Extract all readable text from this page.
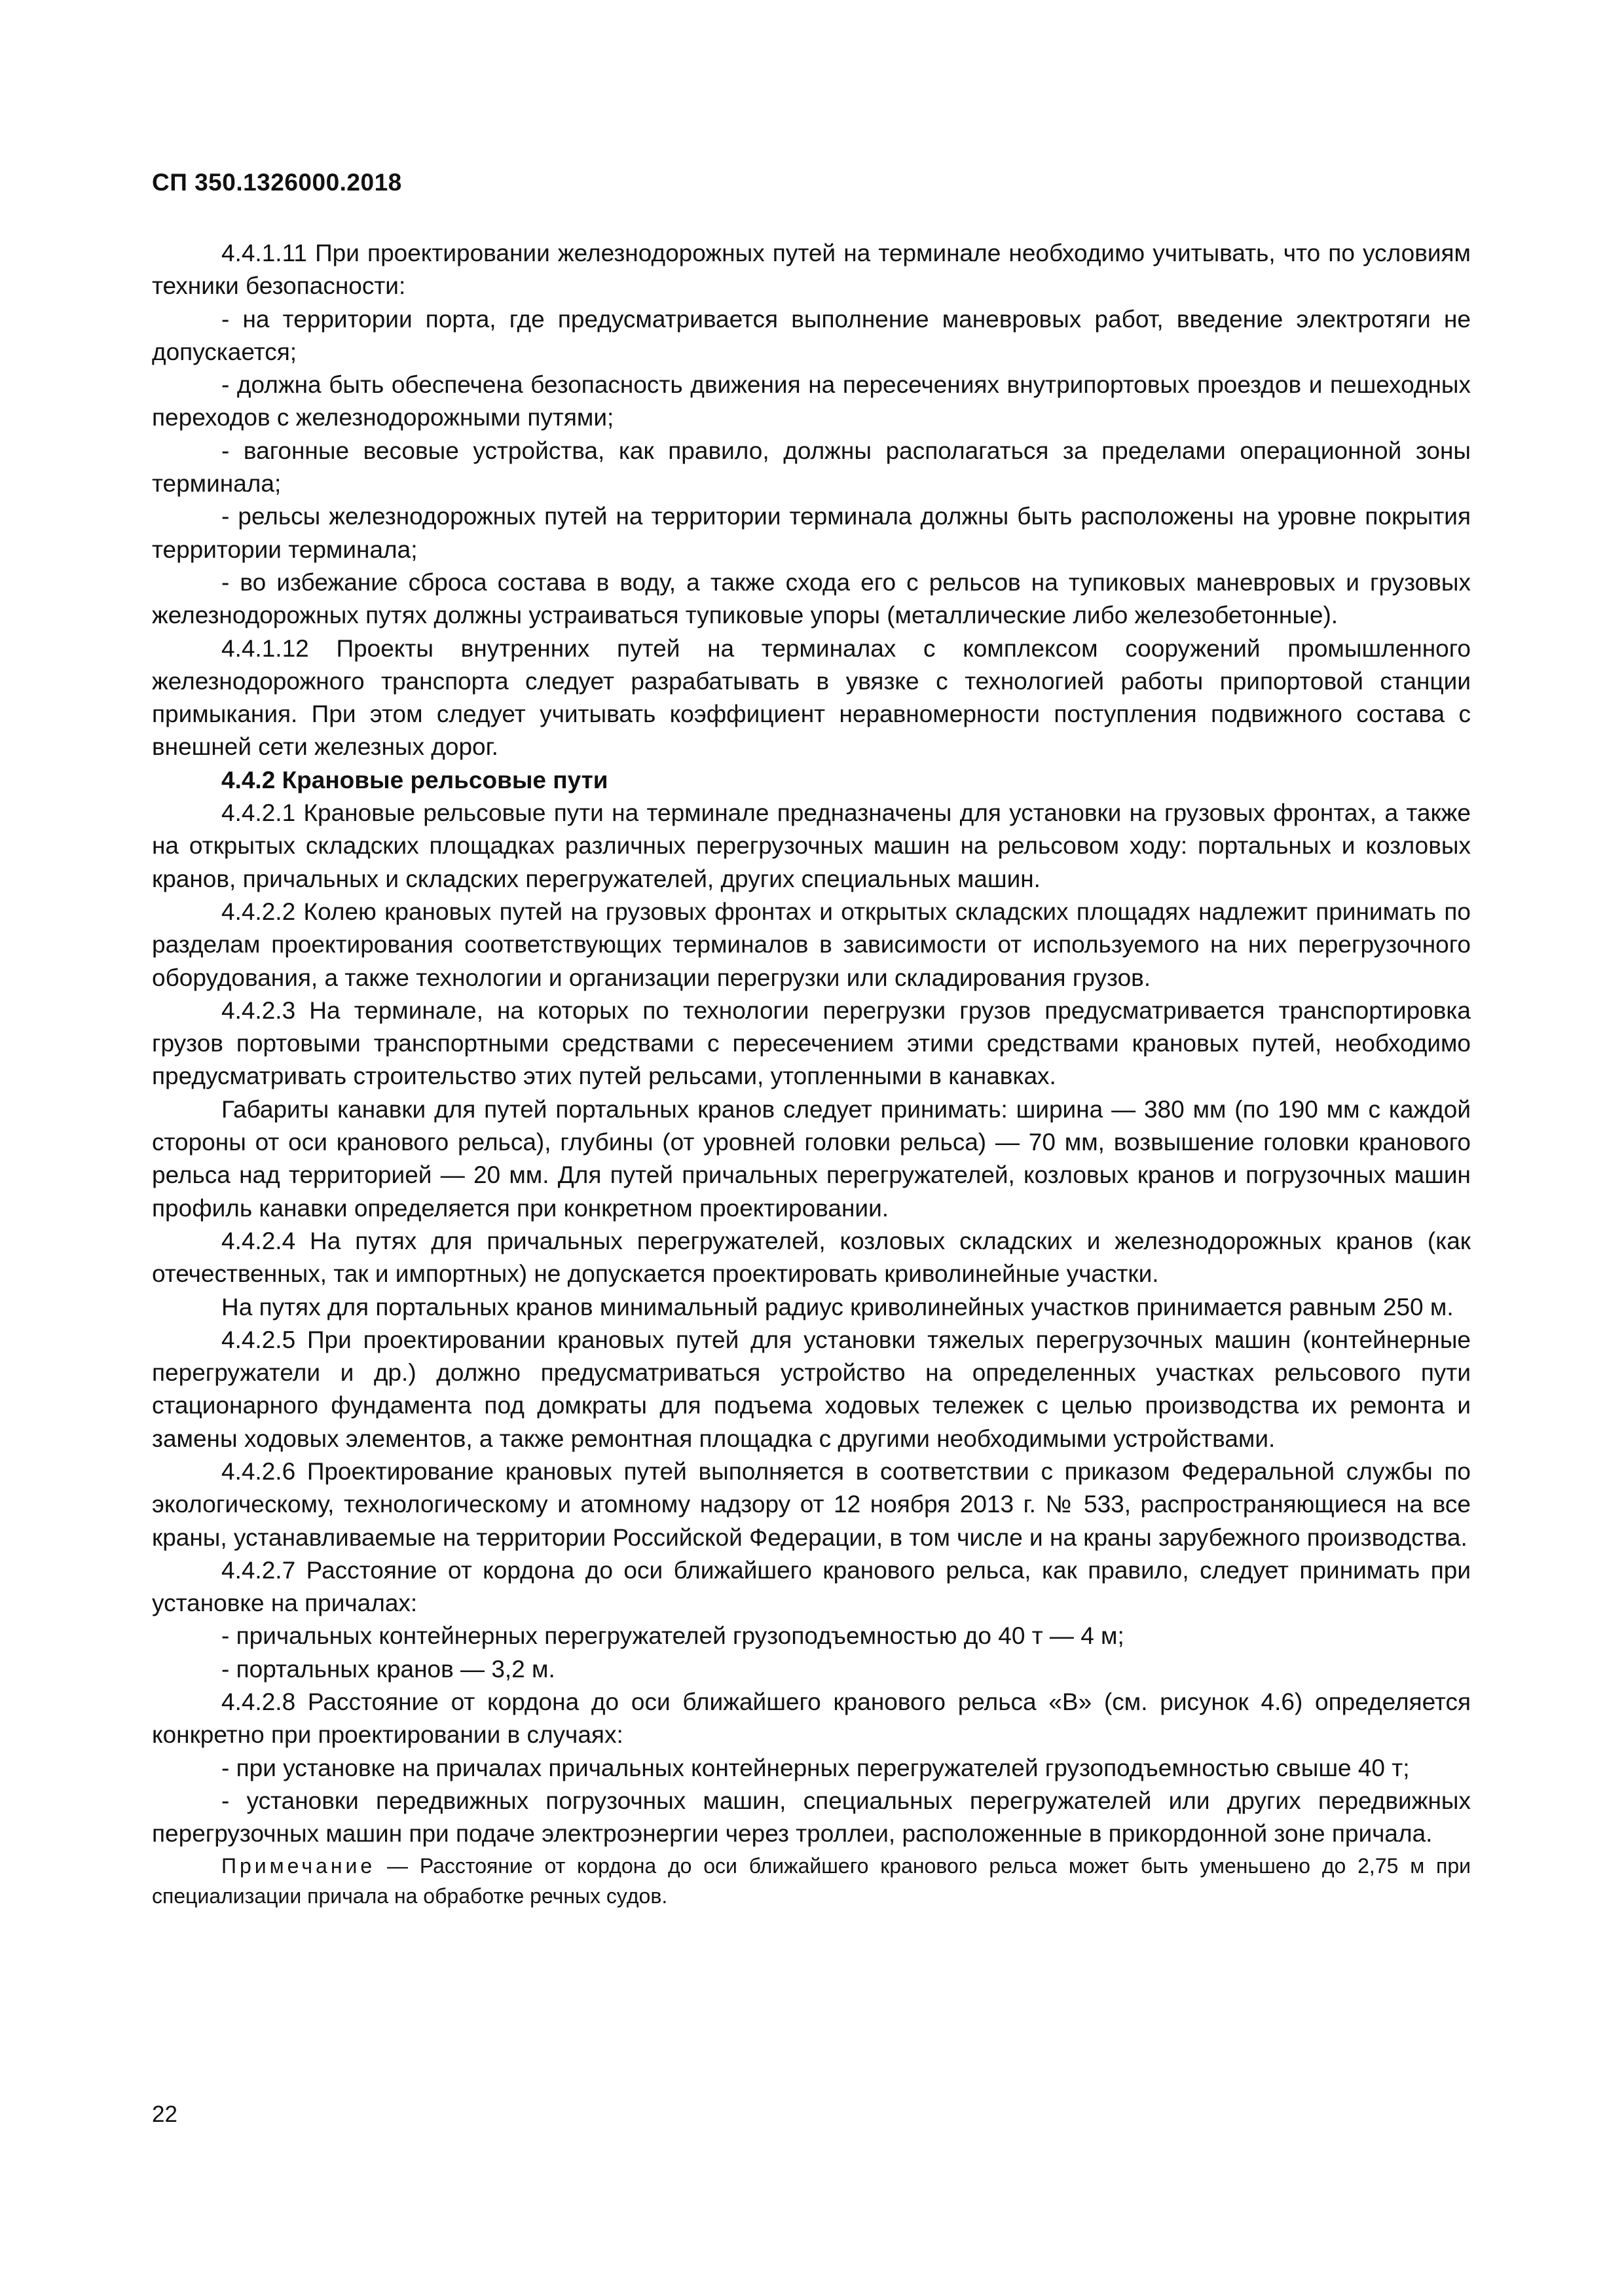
СП 350.1326000.2018

4.4.1.11 При проектировании железнодорожных путей на терминале необходимо учитывать, что по условиям техники безопасности:

- на территории порта, где предусматривается выполнение маневровых работ, введение электротяги не допускается;

- должна быть обеспечена безопасность движения на пересечениях внутрипортовых проездов и пешеходных переходов с железнодорожными путями;

- вагонные весовые устройства, как правило, должны располагаться за пределами операционной зоны терминала;

- рельсы железнодорожных путей на территории терминала должны быть расположены на уровне покрытия территории терминала;

- во избежание сброса состава в воду, а также схода его с рельсов на тупиковых маневровых и грузовых железнодорожных путях должны устраиваться тупиковые упоры (металлические либо железобетонные).

4.4.1.12 Проекты внутренних путей на терминалах с комплексом сооружений промышленного железнодорожного транспорта следует разрабатывать в увязке с технологией работы припортовой станции примыкания. При этом следует учитывать коэффициент неравномерности поступления подвижного состава с внешней сети железных дорог.

4.4.2 Крановые рельсовые пути

4.4.2.1 Крановые рельсовые пути на терминале предназначены для установки на грузовых фронтах, а также на открытых складских площадках различных перегрузочных машин на рельсовом ходу: портальных и козловых кранов, причальных и складских перегружателей, других специальных машин.

4.4.2.2 Колею крановых путей на грузовых фронтах и открытых складских площадях надлежит принимать по разделам проектирования соответствующих терминалов в зависимости от используемого на них перегрузочного оборудования, а также технологии и организации перегрузки или складирования грузов.

4.4.2.3 На терминале, на которых по технологии перегрузки грузов предусматривается транспортировка грузов портовыми транспортными средствами с пересечением этими средствами крановых путей, необходимо предусматривать строительство этих путей рельсами, утопленными в канавках.

Габариты канавки для путей портальных кранов следует принимать: ширина — 380 мм (по 190 мм с каждой стороны от оси кранового рельса), глубины (от уровней головки рельса) — 70 мм, возвышение головки кранового рельса над территорией — 20 мм. Для путей причальных перегружателей, козловых кранов и погрузочных машин профиль канавки определяется при конкретном проектировании.

4.4.2.4 На путях для причальных перегружателей, козловых складских и железнодорожных кранов (как отечественных, так и импортных) не допускается проектировать криволинейные участки.

На путях для портальных кранов минимальный радиус криволинейных участков принимается равным 250 м.

4.4.2.5 При проектировании крановых путей для установки тяжелых перегрузочных машин (контейнерные перегружатели и др.) должно предусматриваться устройство на определенных участках рельсового пути стационарного фундамента под домкраты для подъема ходовых тележек с целью производства их ремонта и замены ходовых элементов, а также ремонтная площадка с другими необходимыми устройствами.

4.4.2.6 Проектирование крановых путей выполняется в соответствии с приказом Федеральной службы по экологическому, технологическому и атомному надзору от 12 ноября 2013 г. № 533, распространяющиеся на все краны, устанавливаемые на территории Российской Федерации, в том числе и на краны зарубежного производства.

4.4.2.7 Расстояние от кордона до оси ближайшего кранового рельса, как правило, следует принимать при установке на причалах:

- причальных контейнерных перегружателей грузоподъемностью до 40 т — 4 м;

- портальных кранов — 3,2 м.

4.4.2.8 Расстояние от кордона до оси ближайшего кранового рельса «В» (см. рисунок 4.6) определяется конкретно при проектировании в случаях:

- при установке на причалах причальных контейнерных перегружателей грузоподъемностью свыше 40 т;

- установки передвижных погрузочных машин, специальных перегружателей или других передвижных перегрузочных машин при подаче электроэнергии через троллеи, расположенные в прикордонной зоне причала.

Примечание — Расстояние от кордона до оси ближайшего кранового рельса может быть уменьшено до 2,75 м при специализации причала на обработке речных судов.

22
